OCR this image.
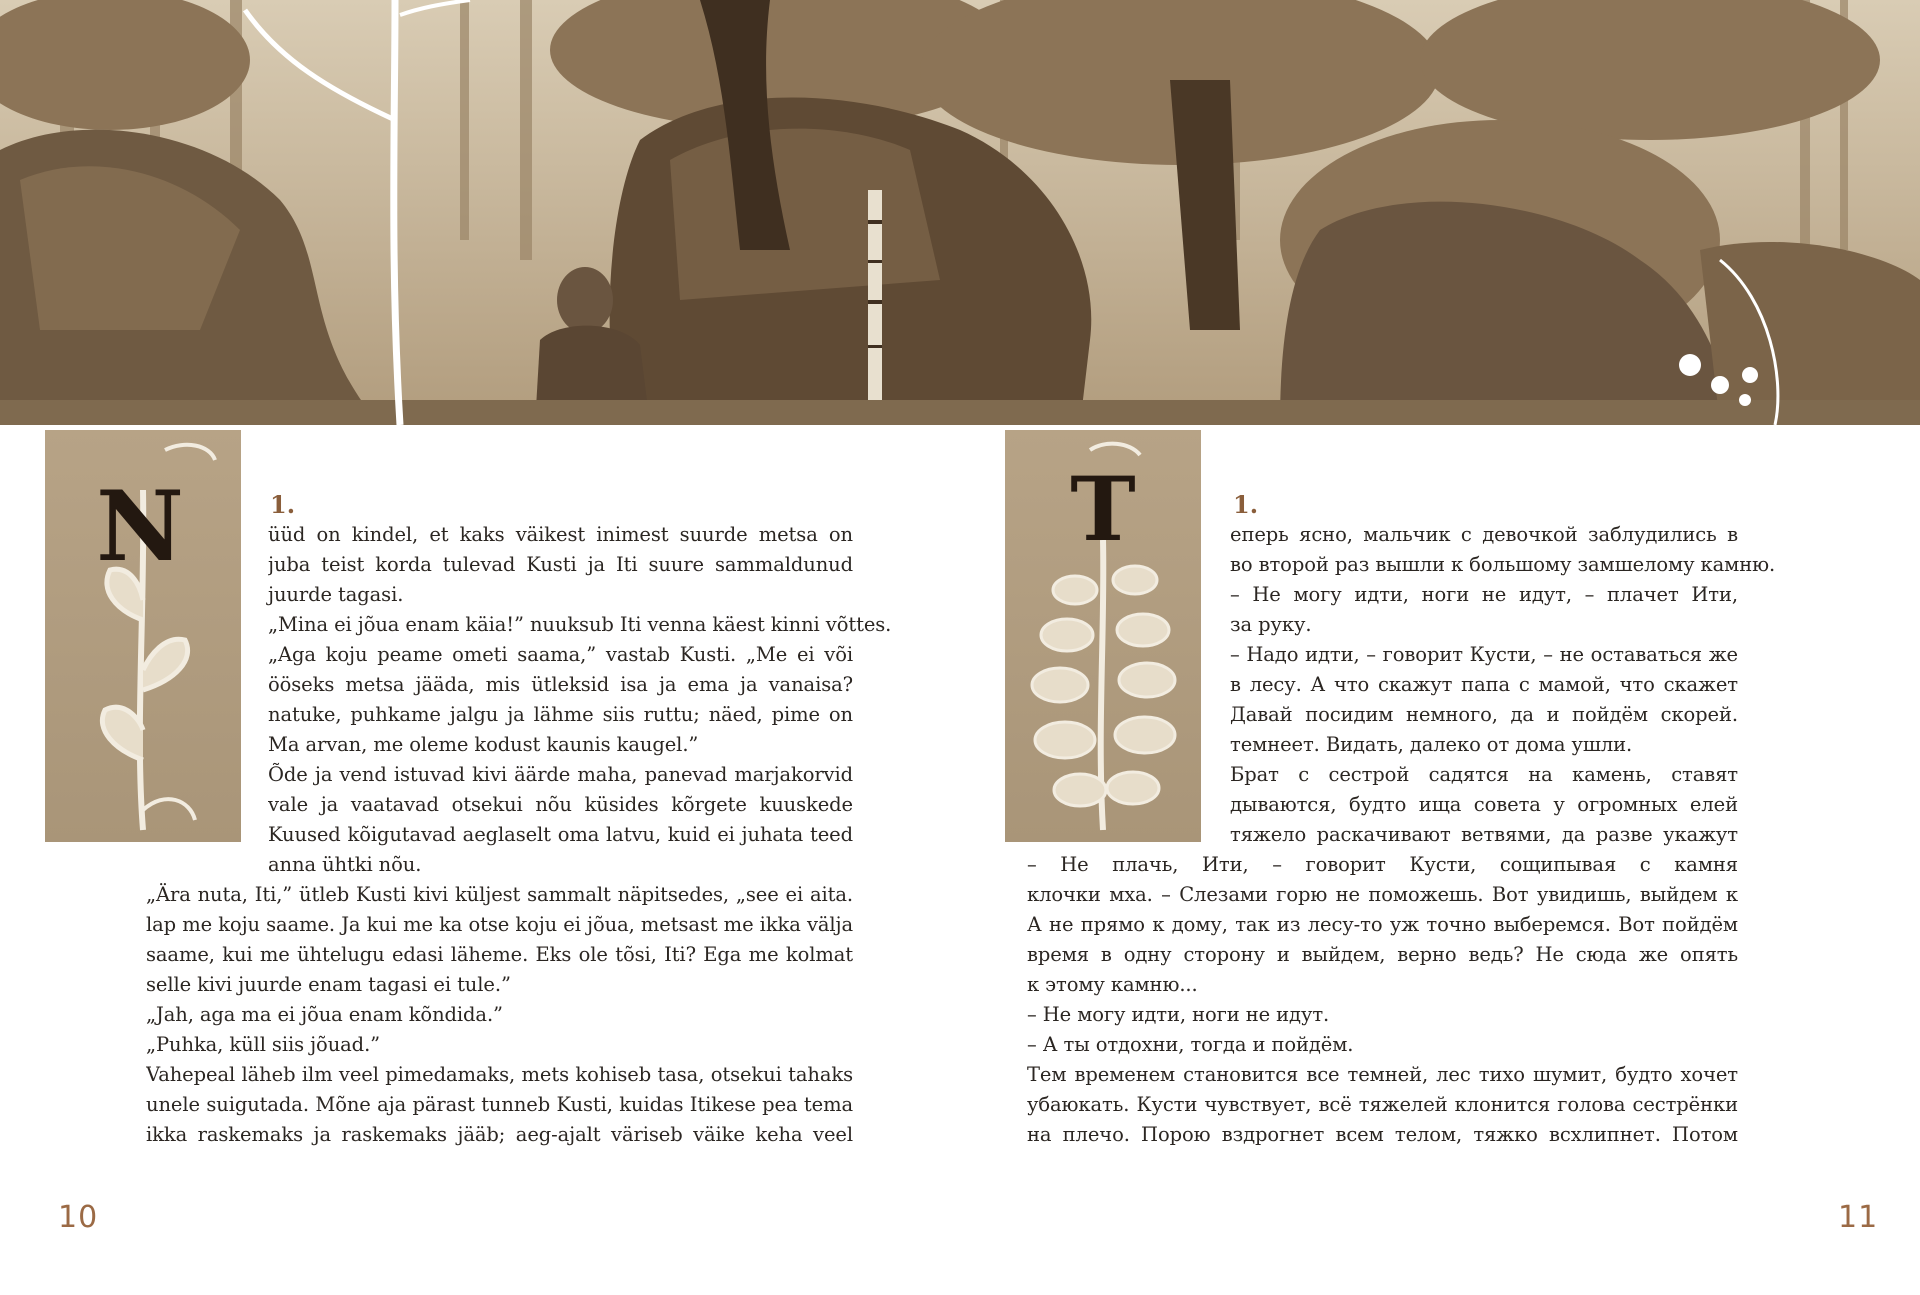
N	1.
üüd on kindel, et kaks väikest inimest suurde metsa on
juba teist korda tulevad Kusti ja Iti suure sammaldunud
juurde tagasi.
„Mina ei jõua enam käia!” nuuksub Iti venna käest kinni võttes.
„Aga koju peame ometi saama,” vastab Kusti. „Me ei või
ööseks metsa jääda, mis ütleksid isa ja ema ja vanaisa?
natuke, puhkame jalgu ja lähme siis ruttu; näed, pime on
Ma arvan, me oleme kodust kaunis kaugel.”
Õde ja vend istuvad kivi äärde maha, panevad marjakorvid
vale ja vaatavad otsekui nõu küsides kõrgete kuuskede
Kuused kõigutavad aeglaselt oma latvu, kuid ei juhata teed
anna ühtki nõu.
„Ära nuta, Iti,” ütleb Kusti kivi küljest sammalt näpitsedes, „see ei aita.
lap me koju saame. Ja kui me ka otse koju ei jõua, metsast me ikka välja
saame, kui me ühtelugu edasi läheme. Eks ole tõsi, Iti? Ega me kolmat
selle kivi juurde enam tagasi ei tule.”
„Jah, aga ma ei jõua enam kõndida.”
„Puhka, küll siis jõuad.”
Vahepeal läheb ilm veel pimedamaks, mets kohiseb tasa, otsekui tahaks
unele suigutada. Mõne aja pärast tunneb Kusti, kuidas Itikese pea tema
ikka raskemaks ja raskemaks jääb; aeg-ajalt väriseb väike keha veel
10
Т	1.
еперь ясно, мальчик с девочкой заблудились в
во второй раз вышли к большому замшелому камню.
– Не могу идти, ноги не идут, – плачет Ити,
за руку.
– Надо идти, – говорит Кусти, – не оставаться же
в лесу. А что скажут папа с мамой, что скажет
Давай посидим немного, да и пойдём скорей.
темнеет. Видать, далеко от дома ушли.
Брат с сестрой садятся на камень, ставят
дываются, будто ища совета у огромных елей
тяжело раскачивают ветвями, да разве укажут
– Не плачь, Ити, – говорит Кусти, сощипывая с камня
клочки мха. – Слезами горю не поможешь. Вот увидишь, выйдем к
А не прямо к дому, так из лесу-то уж точно выберемся. Вот пойдём
время в одну сторону и выйдем, верно ведь? Не сюда же опять
к этому камню...
– Не могу идти, ноги не идут.
– А ты отдохни, тогда и пойдём.
Тем временем становится все темней, лес тихо шумит, будто хочет
убаюкать. Кусти чувствует, всё тяжелей клонится голова сестрёнки
на плечо. Порою вздрогнет всем телом, тяжко всхлипнет. Потом
11
